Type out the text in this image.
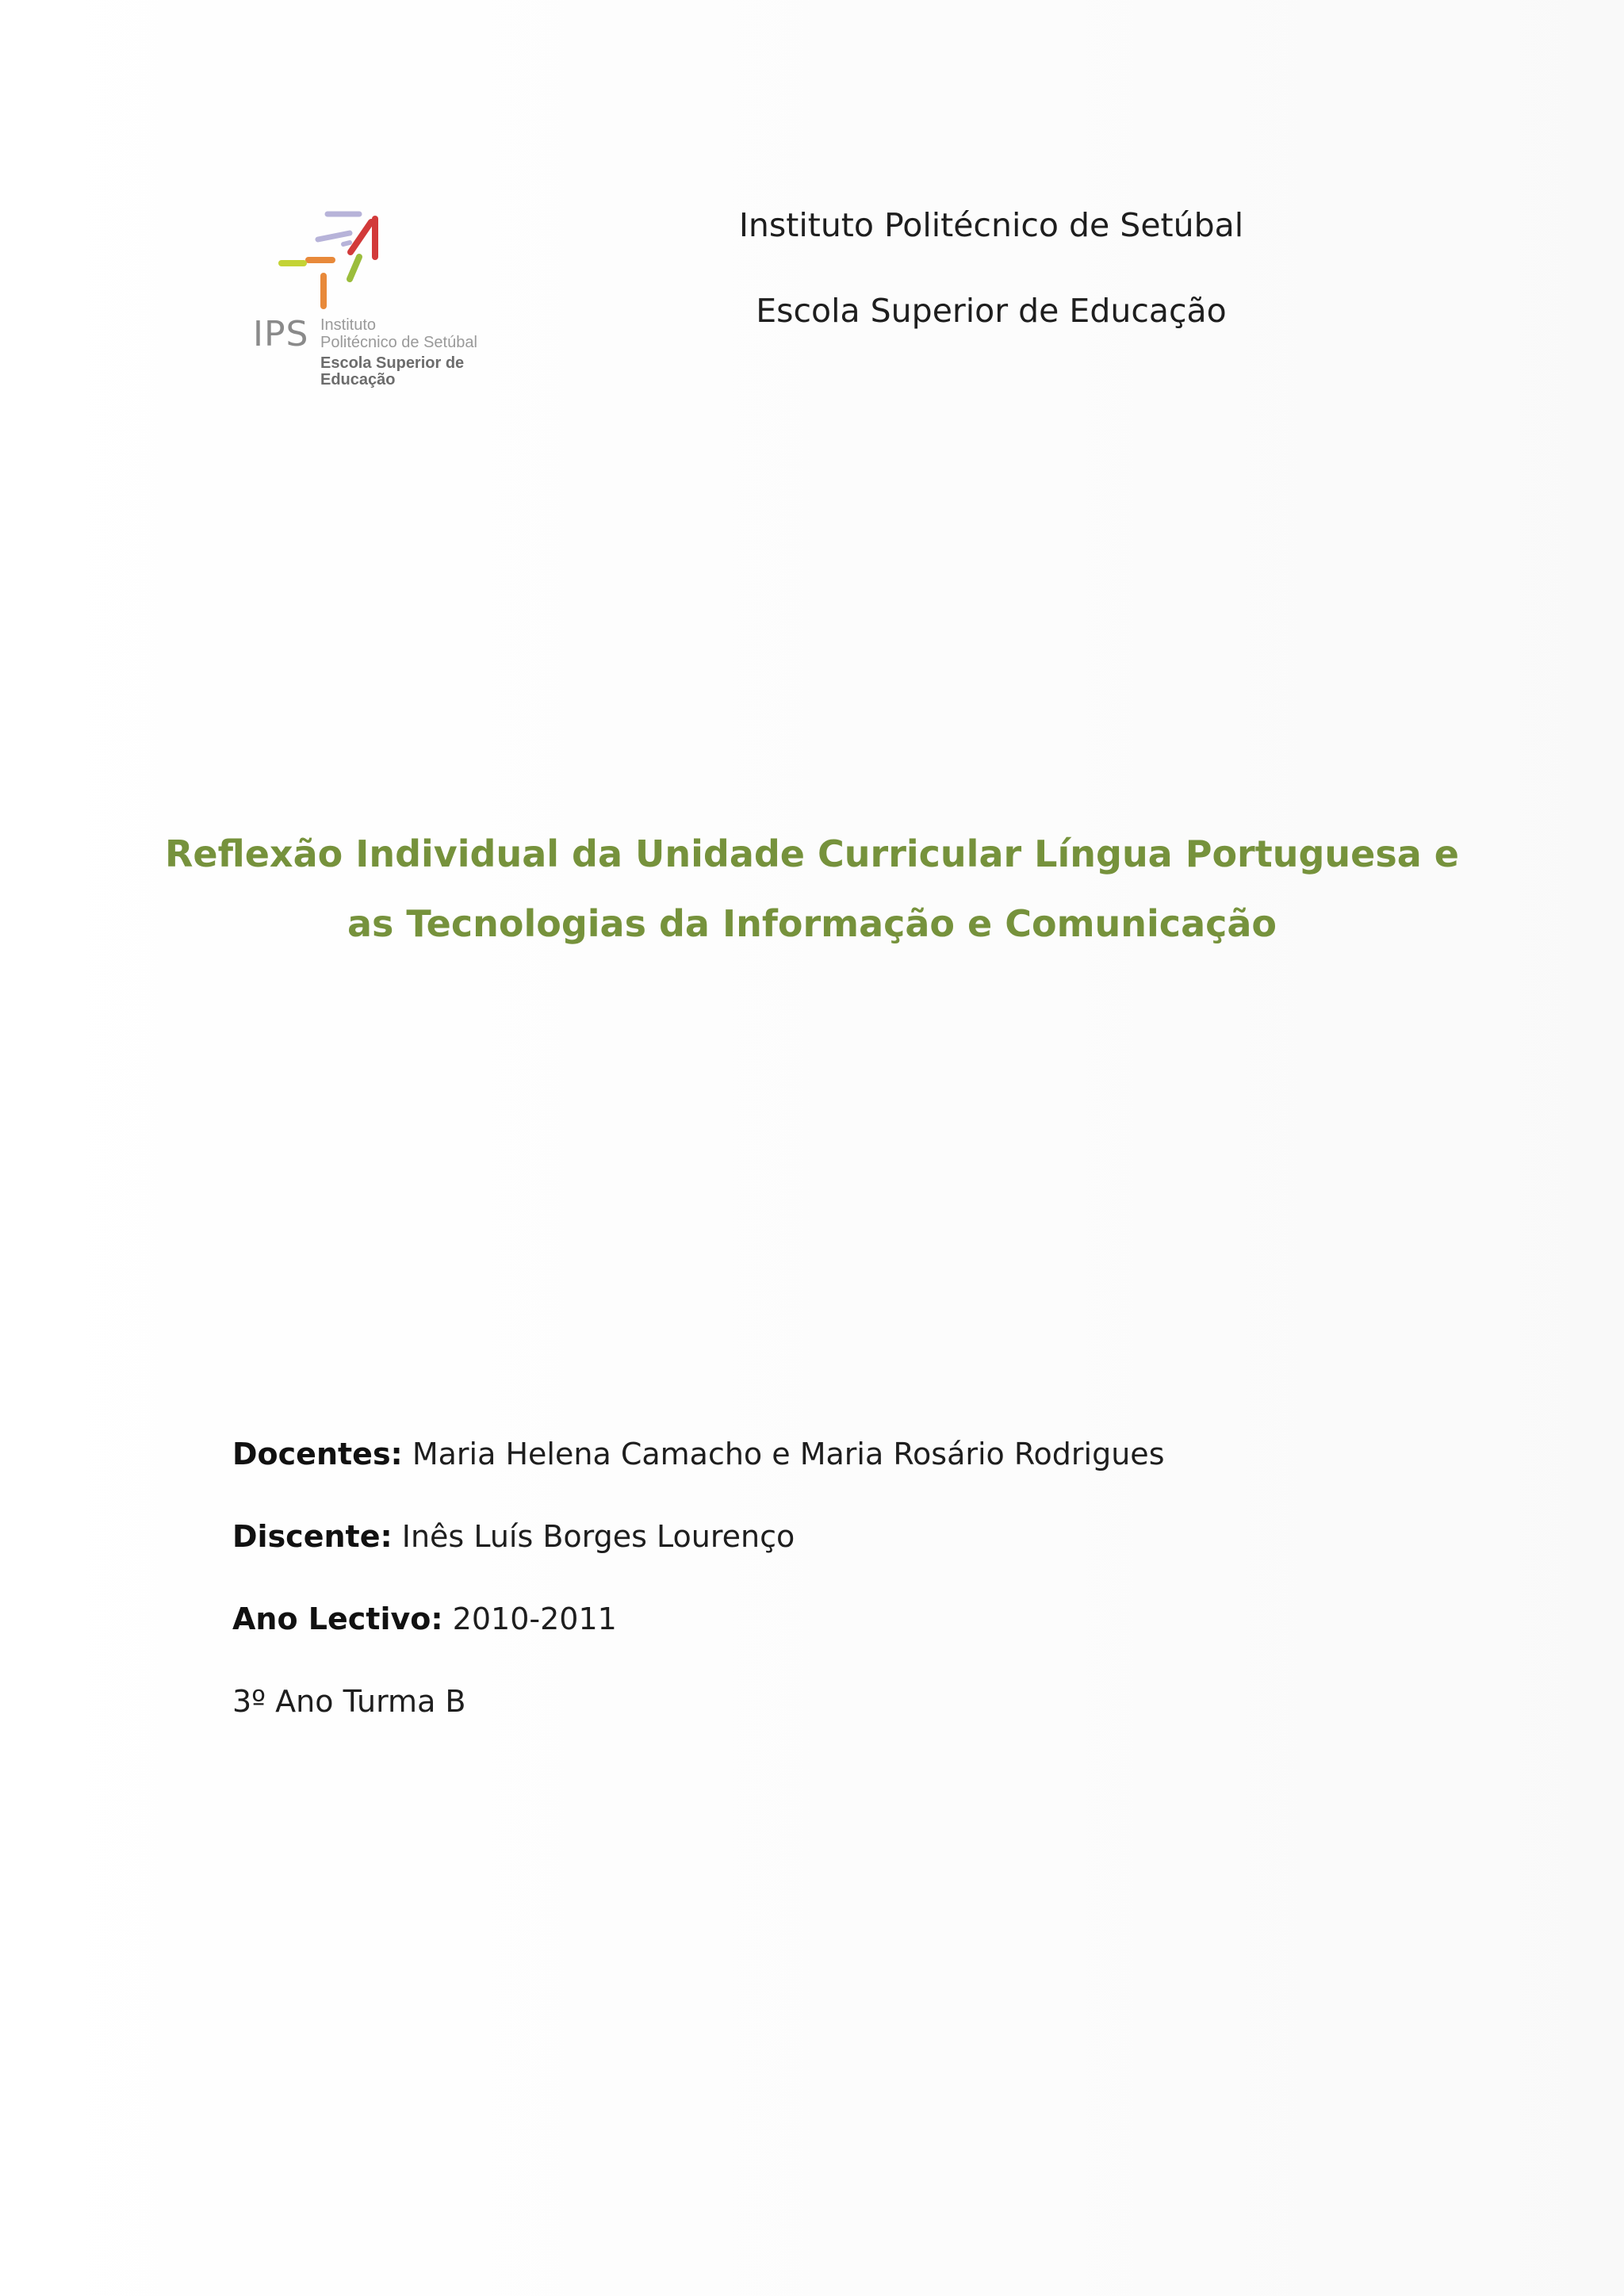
IPS Instituto
Politécnico de Setúbal
Escola Superior de
Educação
Instituto Politécnico de Setúbal
Escola Superior de Educação
Reflexão Individual da Unidade Curricular Língua Portuguesa e
as Tecnologias da Informação e Comunicação
Docentes: Maria Helena Camacho e Maria Rosário Rodrigues
Discente: Inês Luís Borges Lourenço
Ano Lectivo: 2010-2011
3º Ano Turma B
